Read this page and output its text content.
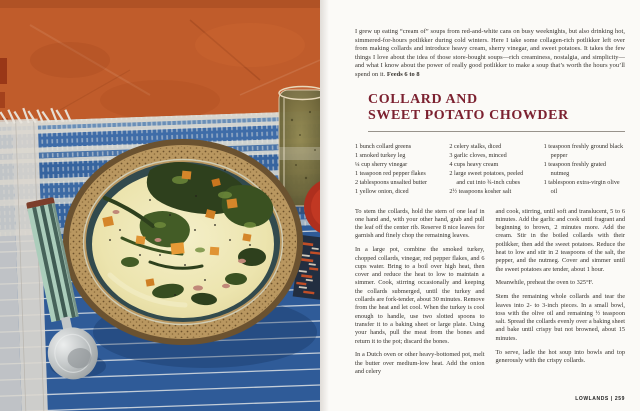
I grew up eating “cream of” soups from red-and-white cans on busy weeknights, but also drinking hot, simmered-for-hours potlikker during cold winters. Here I take some collagen-rich potlikker left over from making collards and introduce heavy cream, sherry vinegar, and sweet potatoes. It takes the few things I love about the idea of those store-bought soups—rich creaminess, nostalgia, and simplicity—and what I know about the power of really good potlikker to make a soup that’s worth the hours you’ll spend on it. Feeds 6 to 8

COLLARD AND
SWEET POTATO CHOWDER
1 bunch collard greens
1 smoked turkey leg
¼ cup sherry vinegar
1 teaspoon red pepper flakes
2 tablespoons unsalted butter
1 yellow onion, diced
2 celery stalks, diced
3 garlic cloves, minced
4 cups heavy cream
2 large sweet potatoes, peeled and cut into ¾-inch cubes
2½ teaspoons kosher salt
1 teaspoon freshly ground black pepper
1 teaspoon freshly grated nutmeg
1 tablespoon extra-virgin olive oil

To stem the collards, hold the stem of one leaf in one hand and, with your other hand, grab and pull the leaf off the center rib. Reserve 8 nice leaves for garnish and finely chop the remaining leaves.

In a large pot, combine the smoked turkey, chopped collards, vinegar, red pepper flakes, and 6 cups water. Bring to a boil over high heat, then cover and reduce the heat to low to maintain a simmer. Cook, stirring occasionally and keeping the collards submerged, until the turkey and collards are fork-tender, about 30 minutes. Remove from the heat and let cool. When the turkey is cool enough to handle, use two slotted spoons to transfer it to a baking sheet or large plate. Using your hands, pull the meat from the bones and return it to the pot; discard the bones.

In a Dutch oven or other heavy-bottomed pot, melt the butter over medium-low heat. Add the onion and celery

and cook, stirring, until soft and translucent, 5 to 6 minutes. Add the garlic and cook until fragrant and beginning to brown, 2 minutes more. Add the cream. Stir in the boiled collards with their potlikker, then add the sweet potatoes. Reduce the heat to low and stir in 2 teaspoons of the salt, the pepper, and the nutmeg. Cover and simmer until the sweet potatoes are tender, about 1 hour.

Meanwhile, preheat the oven to 325°F.

Stem the remaining whole collards and tear the leaves into 2- to 3-inch pieces. In a small bowl, toss with the olive oil and remaining ½ teaspoon salt. Spread the collards evenly over a baking sheet and bake until crispy but not browned, about 15 minutes.

To serve, ladle the hot soup into bowls and top generously with the crispy collards.

LOWLANDS | 259
